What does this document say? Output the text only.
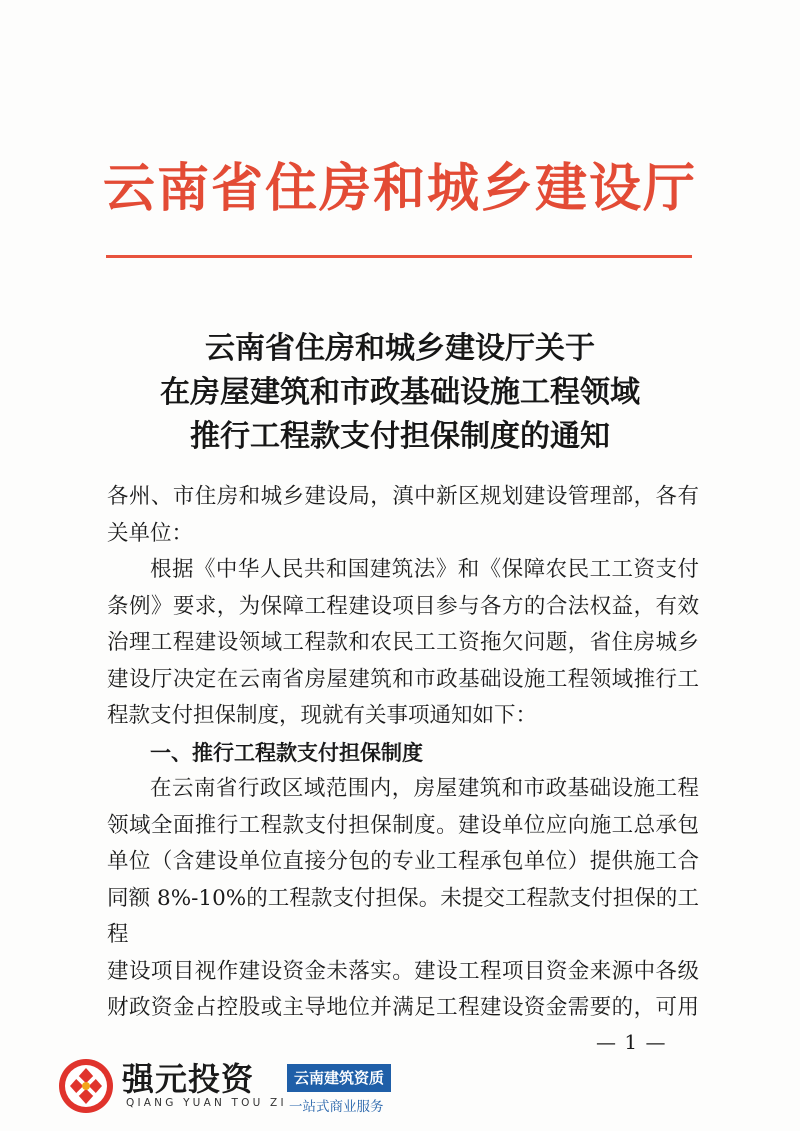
云南省住房和城乡建设厅
云南省住房和城乡建设厅关于
在房屋建筑和市政基础设施工程领域
推行工程款支付担保制度的通知

各州、市住房和城乡建设局，滇中新区规划建设管理部，各有

关单位：

根据《中华人民共和国建筑法》和《保障农民工工资支付

条例》要求，为保障工程建设项目参与各方的合法权益，有效

治理工程建设领域工程款和农民工工资拖欠问题，省住房城乡

建设厅决定在云南省房屋建筑和市政基础设施工程领域推行工

程款支付担保制度，现就有关事项通知如下：

一、推行工程款支付担保制度

在云南省行政区域范围内，房屋建筑和市政基础设施工程

领域全面推行工程款支付担保制度。建设单位应向施工总承包

单位（含建设单位直接分包的专业工程承包单位）提供施工合

同额 8%-10%的工程款支付担保。未提交工程款支付担保的工程

建设项目视作建设资金未落实。建设工程项目资金来源中各级

财政资金占控股或主导地位并满足工程建设资金需要的，可用

— 1 —
强元投资
QIANG YUAN TOU ZI
云南建筑资质
一站式商业服务
